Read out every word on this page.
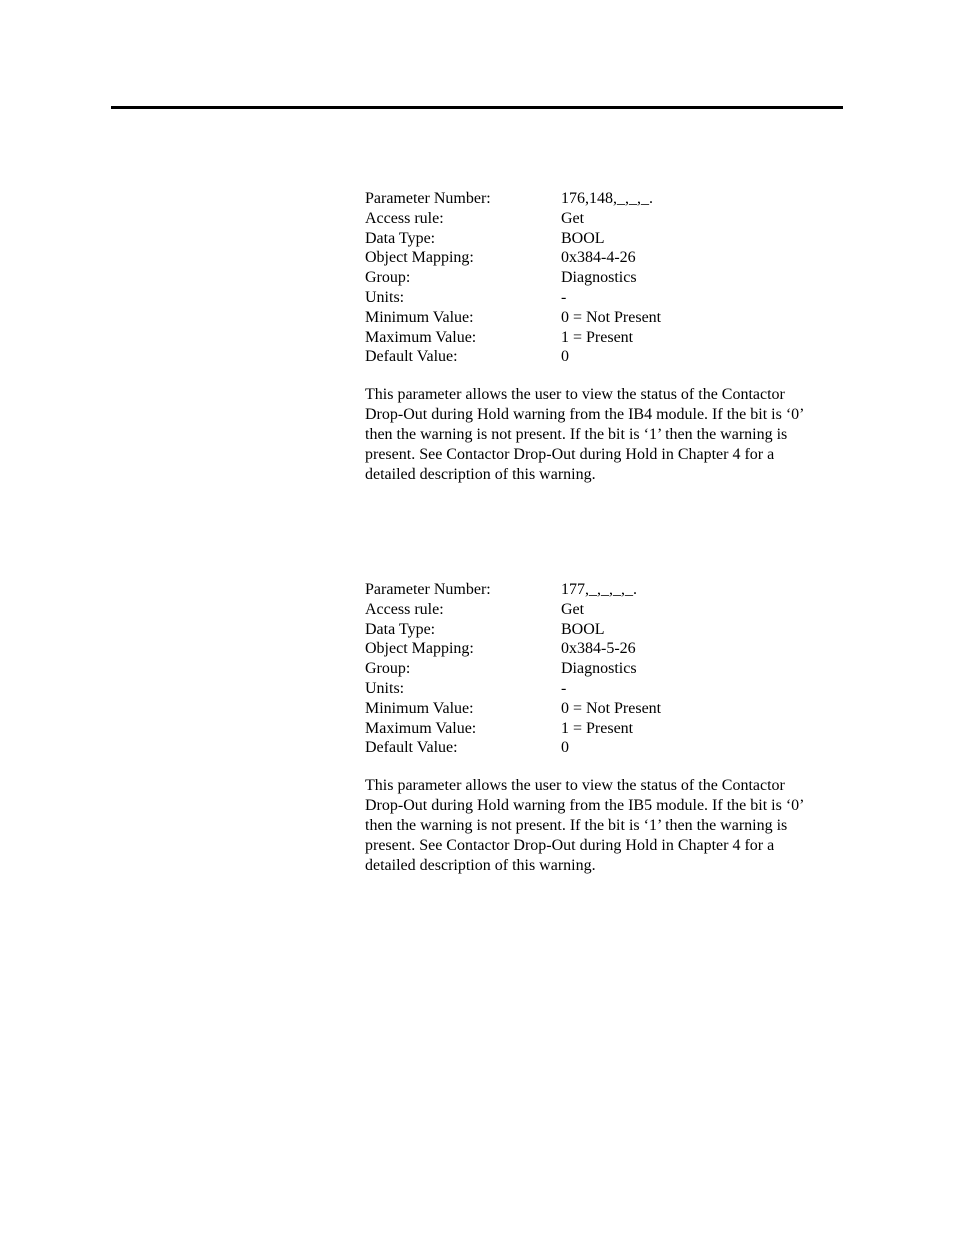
Parameter Number:	176,148,_,_,_.
Access rule:	Get
Data Type:	BOOL
Object Mapping:	0x384-4-26
Group:	Diagnostics
Units:	-
Minimum Value:	0 = Not Present
Maximum Value:	1 = Present
Default Value:	0
This parameter allows the user to view the status of the Contactor
Drop-Out during Hold warning from the IB4 module. If the bit is ‘0’
then the warning is not present. If the bit is ‘1’ then the warning is
present. See Contactor Drop-Out during Hold in Chapter 4 for a
detailed description of this warning.
Parameter Number:	177,_,_,_,_.
Access rule:	Get
Data Type:	BOOL
Object Mapping:	0x384-5-26
Group:	Diagnostics
Units:	-
Minimum Value:	0 = Not Present
Maximum Value:	1 = Present
Default Value:	0
This parameter allows the user to view the status of the Contactor
Drop-Out during Hold warning from the IB5 module. If the bit is ‘0’
then the warning is not present. If the bit is ‘1’ then the warning is
present. See Contactor Drop-Out during Hold in Chapter 4 for a
detailed description of this warning.
